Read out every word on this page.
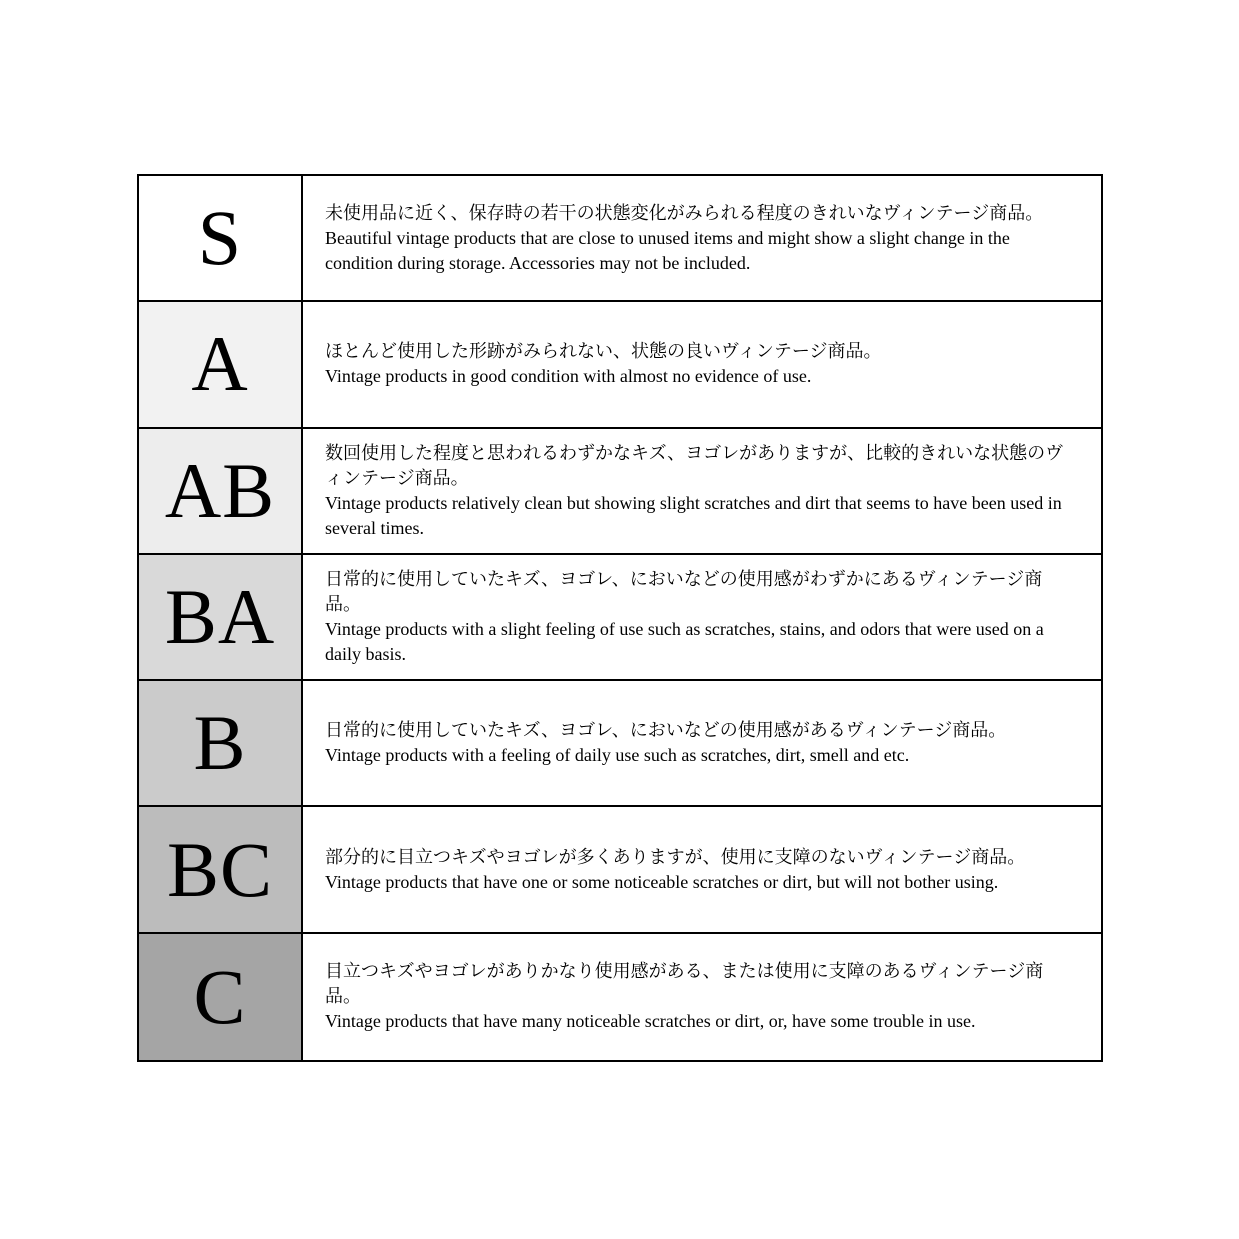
S	未使用品に近く、保存時の若干の状態変化がみられる程度のきれいなヴィンテージ商品。
Beautiful vintage products that are close to unused items and might show a slight change in the condition during storage. Accessories may not be included.
A	ほとんど使用した形跡がみられない、状態の良いヴィンテージ商品。
Vintage products in good condition with almost no evidence of use.
AB	数回使用した程度と思われるわずかなキズ、ヨゴレがありますが、比較的きれいな状態のヴィンテージ商品。
Vintage products relatively clean but showing slight scratches and dirt that seems to have been used in several times.
BA	日常的に使用していたキズ、ヨゴレ、においなどの使用感がわずかにあるヴィンテージ商品。
Vintage products with a slight feeling of use such as scratches, stains, and odors that were used on a daily basis.
B	日常的に使用していたキズ、ヨゴレ、においなどの使用感があるヴィンテージ商品。
Vintage products with a feeling of daily use such as scratches, dirt, smell and etc.
BC	部分的に目立つキズやヨゴレが多くありますが、使用に支障のないヴィンテージ商品。
Vintage products that have one or some noticeable scratches or dirt, but will not bother using.
C	目立つキズやヨゴレがありかなり使用感がある、または使用に支障のあるヴィンテージ商品。
Vintage products that have many noticeable scratches or dirt, or, have some trouble in use.
